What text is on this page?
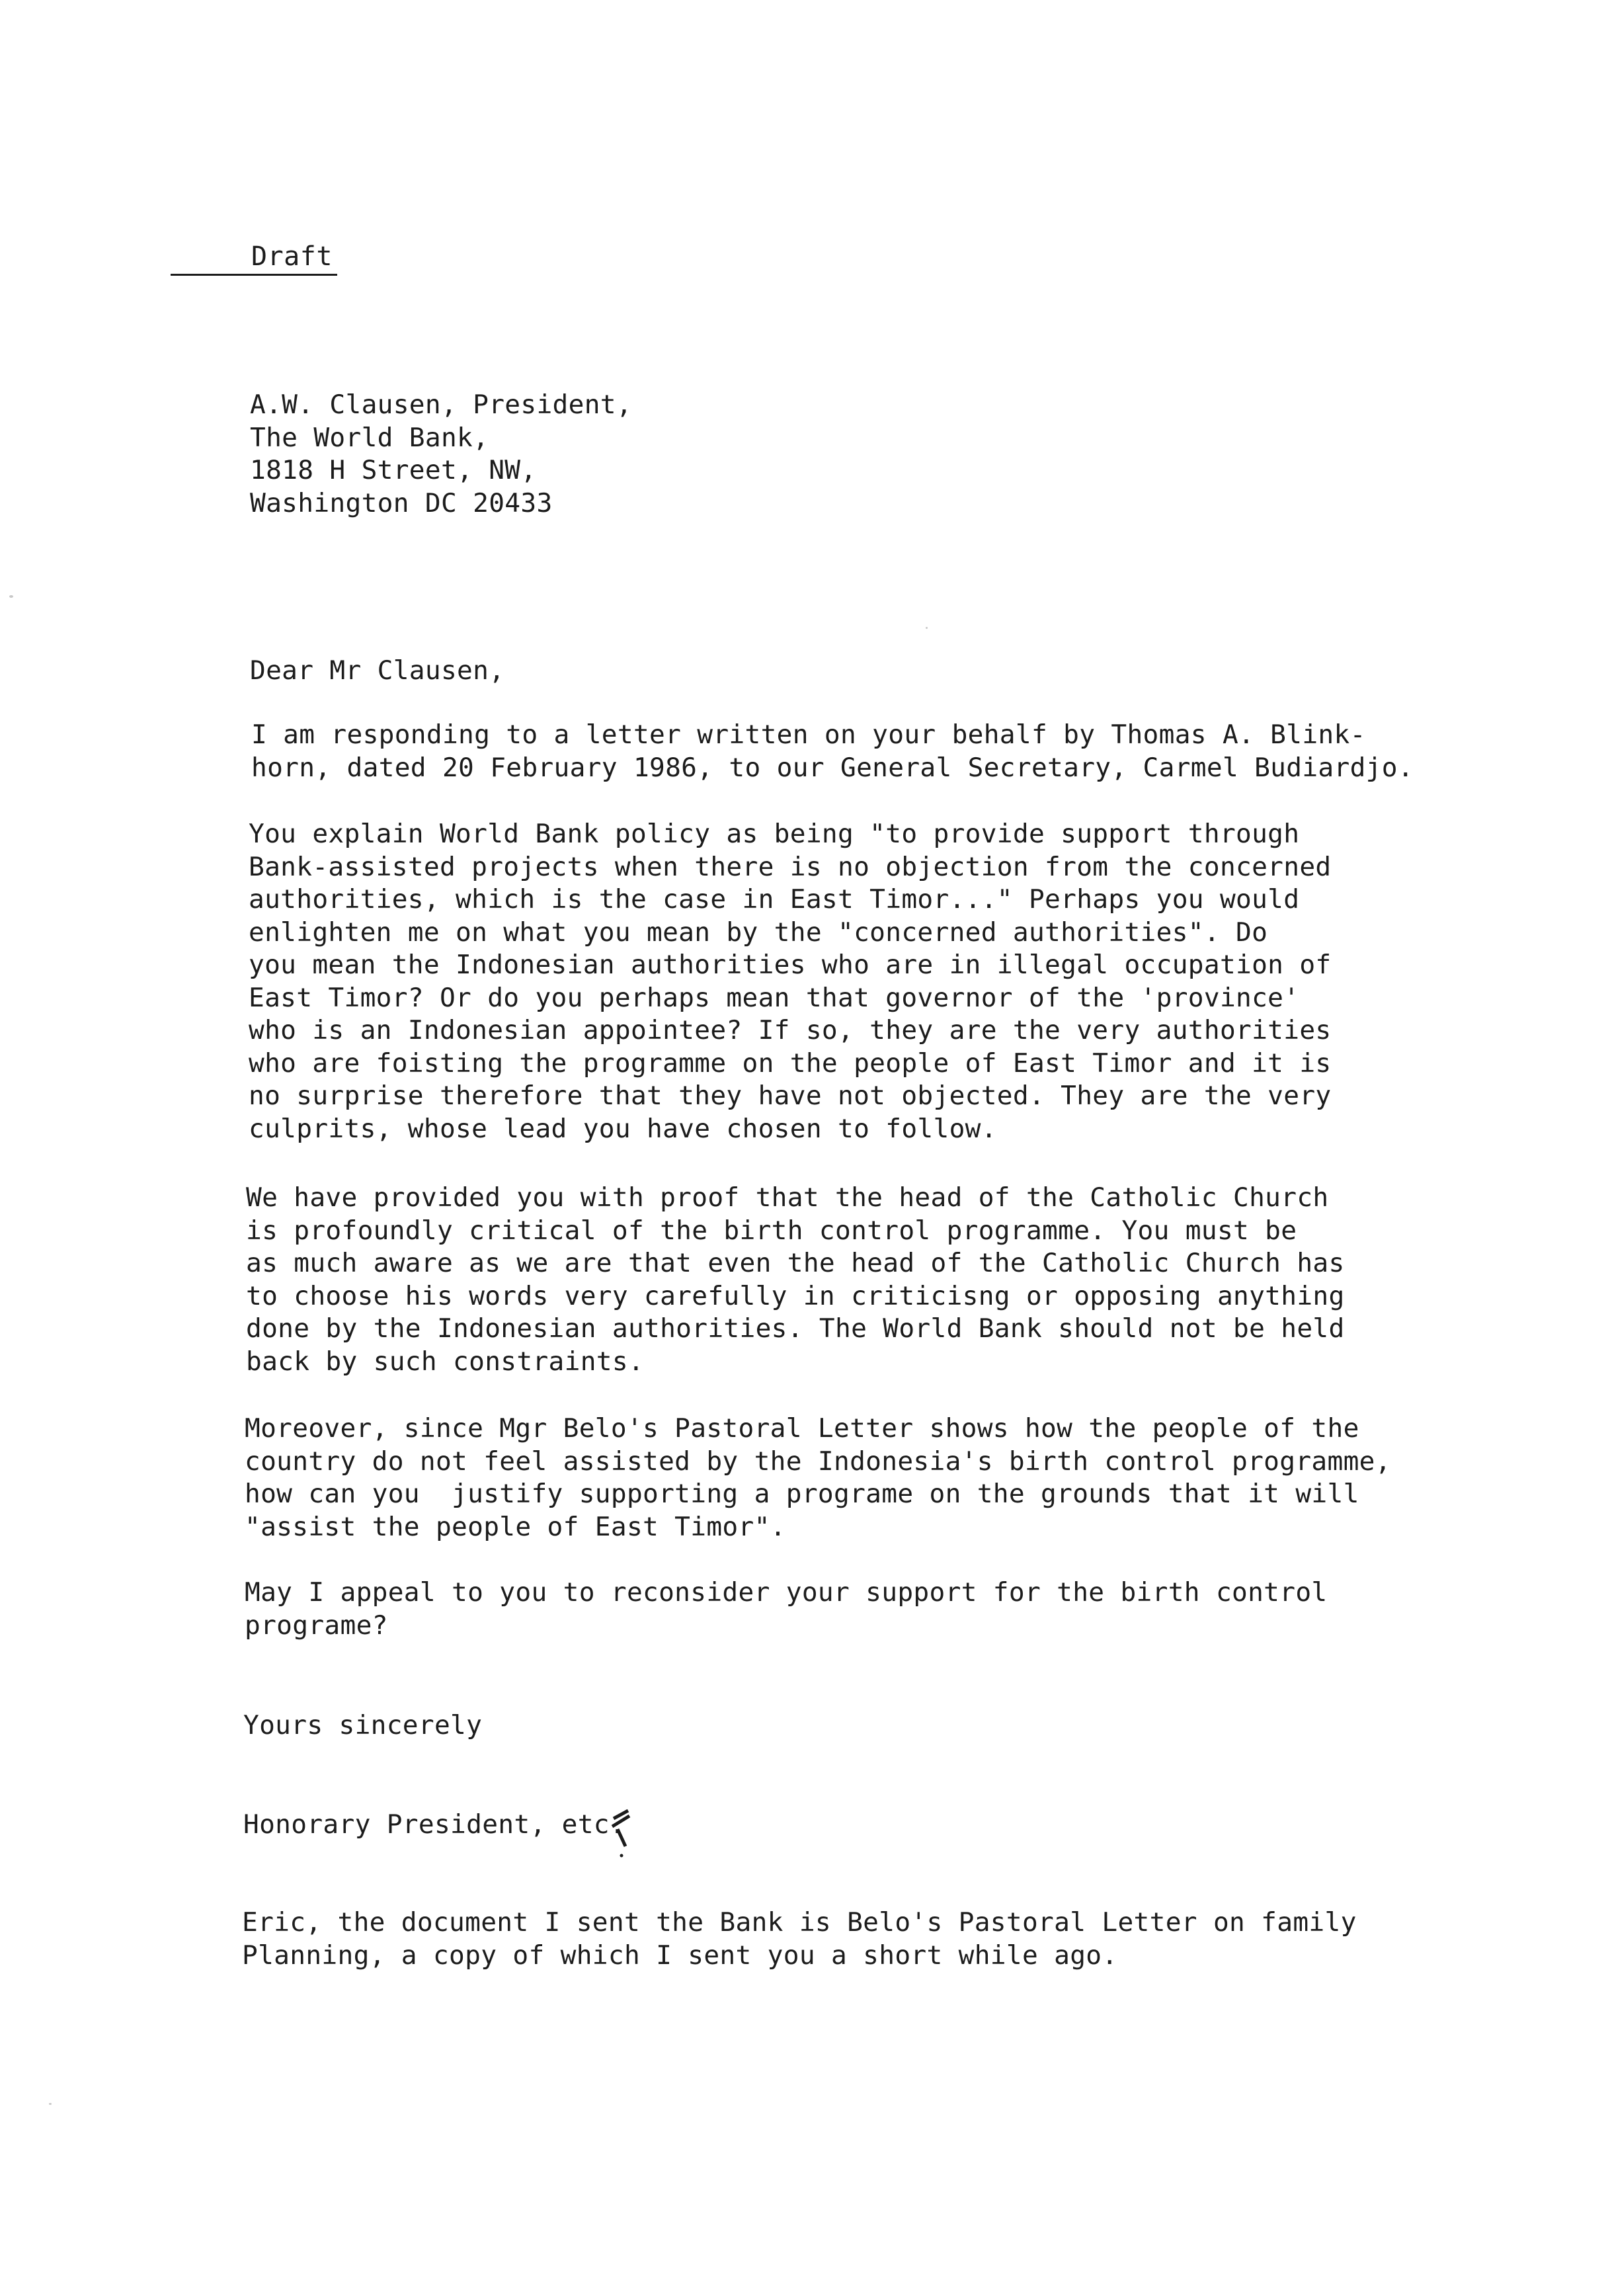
Draft
A.W. Clausen, President,
The World Bank,
1818 H Street, NW,
Washington DC 20433
Dear Mr Clausen,
I am responding to a letter written on your behalf by Thomas A. Blink-
horn, dated 20 February 1986, to our General Secretary, Carmel Budiardjo.
You explain World Bank policy as being "to provide support through
Bank-assisted projects when there is no objection from the concerned
authorities, which is the case in East Timor..." Perhaps you would
enlighten me on what you mean by the "concerned authorities". Do
you mean the Indonesian authorities who are in illegal occupation of
East Timor? Or do you perhaps mean that governor of the 'province'
who is an Indonesian appointee? If so, they are the very authorities
who are foisting the programme on the people of East Timor and it is
no surprise therefore that they have not objected. They are the very
culprits, whose lead you have chosen to follow.
We have provided you with proof that the head of the Catholic Church
is profoundly critical of the birth control programme. You must be
as much aware as we are that even the head of the Catholic Church has
to choose his words very carefully in criticisng or opposing anything
done by the Indonesian authorities. The World Bank should not be held
back by such constraints.
Moreover, since Mgr Belo's Pastoral Letter shows how the people of the
country do not feel assisted by the Indonesia's birth control programme,
how can you  justify supporting a programe on the grounds that it will
"assist the people of East Timor".
May I appeal to you to reconsider your support for the birth control
programe?
Yours sincerely
Honorary President, etc.
Eric, the document I sent the Bank is Belo's Pastoral Letter on family
Planning, a copy of which I sent you a short while ago.
